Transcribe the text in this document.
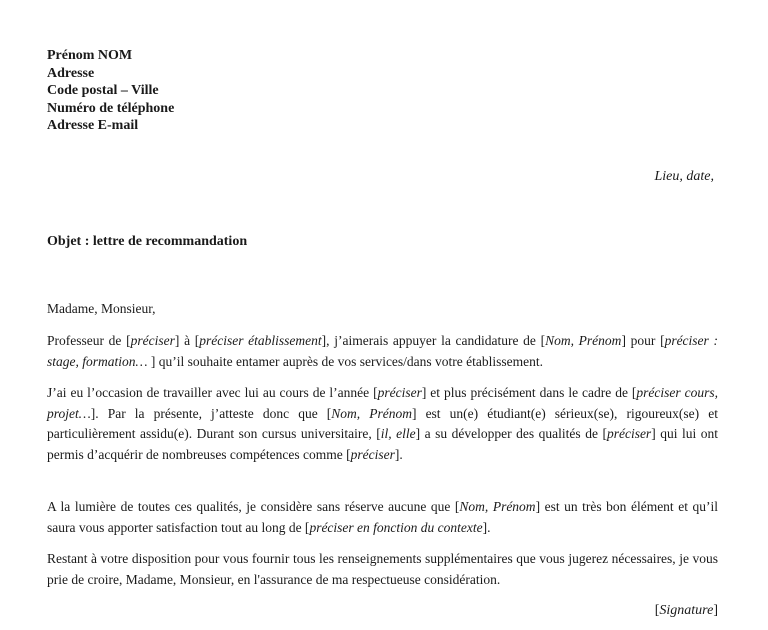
Prénom NOM
Adresse
Code postal – Ville
Numéro de téléphone
Adresse E-mail
Lieu, date,
Objet : lettre de recommandation
Madame, Monsieur,
Professeur de [préciser] à [préciser établissement], j’aimerais appuyer la candidature de [Nom, Prénom] pour [préciser : stage, formation… ] qu’il souhaite entamer auprès de vos services/dans votre établissement.
J’ai eu l’occasion de travailler avec lui au cours de l’année [préciser] et plus précisément dans le cadre de [préciser cours, projet…]. Par la présente, j’atteste donc que [Nom, Prénom] est un(e) étudiant(e) sérieux(se), rigoureux(se) et particulièrement assidu(e). Durant son cursus universitaire, [il, elle] a su développer des qualités de [préciser] qui lui ont permis d’acquérir de nombreuses compétences comme [préciser].
A la lumière de toutes ces qualités, je considère sans réserve aucune que [Nom, Prénom] est un très bon élément et qu’il saura vous apporter satisfaction tout au long de [préciser en fonction du contexte].
Restant à votre disposition pour vous fournir tous les renseignements supplémentaires que vous jugerez nécessaires, je vous prie de croire, Madame, Monsieur, en l'assurance de ma respectueuse considération.
[Signature]
